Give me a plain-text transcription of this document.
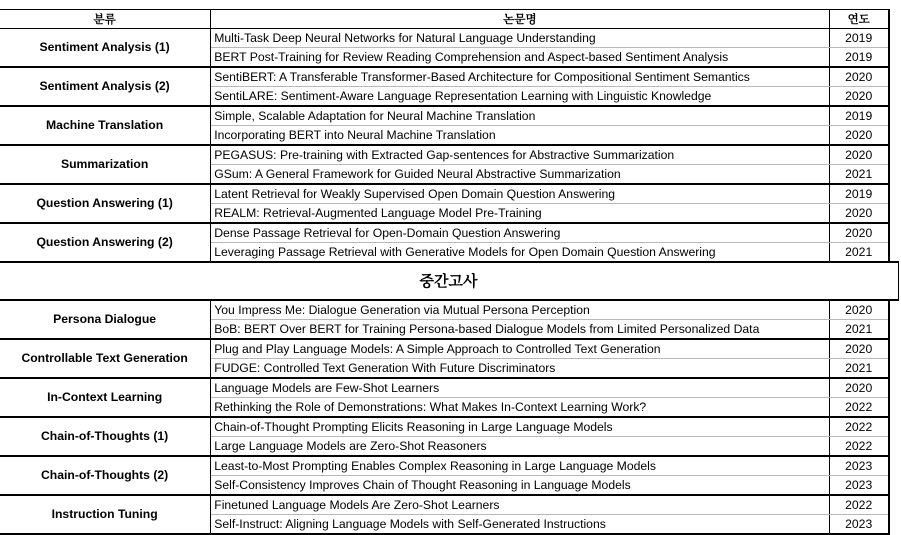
분류	논문명	연도	
Sentiment Analysis (1)	Multi-Task Deep Neural Networks for Natural Language Understanding	2019	
	BERT Post-Training for Review Reading Comprehension and Aspect-based Sentiment Analysis	2019	
Sentiment Analysis (2)	SentiBERT: A Transferable Transformer-Based Architecture for Compositional Sentiment Semantics	2020	
	SentiLARE: Sentiment-Aware Language Representation Learning with Linguistic Knowledge	2020	
Machine Translation	Simple, Scalable Adaptation for Neural Machine Translation	2019	
	Incorporating BERT into Neural Machine Translation	2020	
Summarization	PEGASUS: Pre-training with Extracted Gap-sentences for Abstractive Summarization	2020	
	GSum: A General Framework for Guided Neural Abstractive Summarization	2021	
Question Answering (1)	Latent Retrieval for Weakly Supervised Open Domain Question Answering	2019	
	REALM: Retrieval-Augmented Language Model Pre-Training	2020	
Question Answering (2)	Dense Passage Retrieval for Open-Domain Question Answering	2020	
	Leveraging Passage Retrieval with Generative Models for Open Domain Question Answering	2021	
중간고사			
Persona Dialogue	You Impress Me: Dialogue Generation via Mutual Persona Perception	2020	
	BoB: BERT Over BERT for Training Persona-based Dialogue Models from Limited Personalized Data	2021	
Controllable Text Generation	Plug and Play Language Models: A Simple Approach to Controlled Text Generation	2020	
	FUDGE: Controlled Text Generation With Future Discriminators	2021	
In-Context Learning	Language Models are Few-Shot Learners	2020	
	Rethinking the Role of Demonstrations: What Makes In-Context Learning Work?	2022	
Chain-of-Thoughts (1)	Chain-of-Thought Prompting Elicits Reasoning in Large Language Models	2022	
	Large Language Models are Zero-Shot Reasoners	2022	
Chain-of-Thoughts (2)	Least-to-Most Prompting Enables Complex Reasoning in Large Language Models	2023	
	Self-Consistency Improves Chain of Thought Reasoning in Language Models	2023	
Instruction Tuning	Finetuned Language Models Are Zero-Shot Learners	2022	
	Self-Instruct: Aligning Language Models with Self-Generated Instructions	2023	
